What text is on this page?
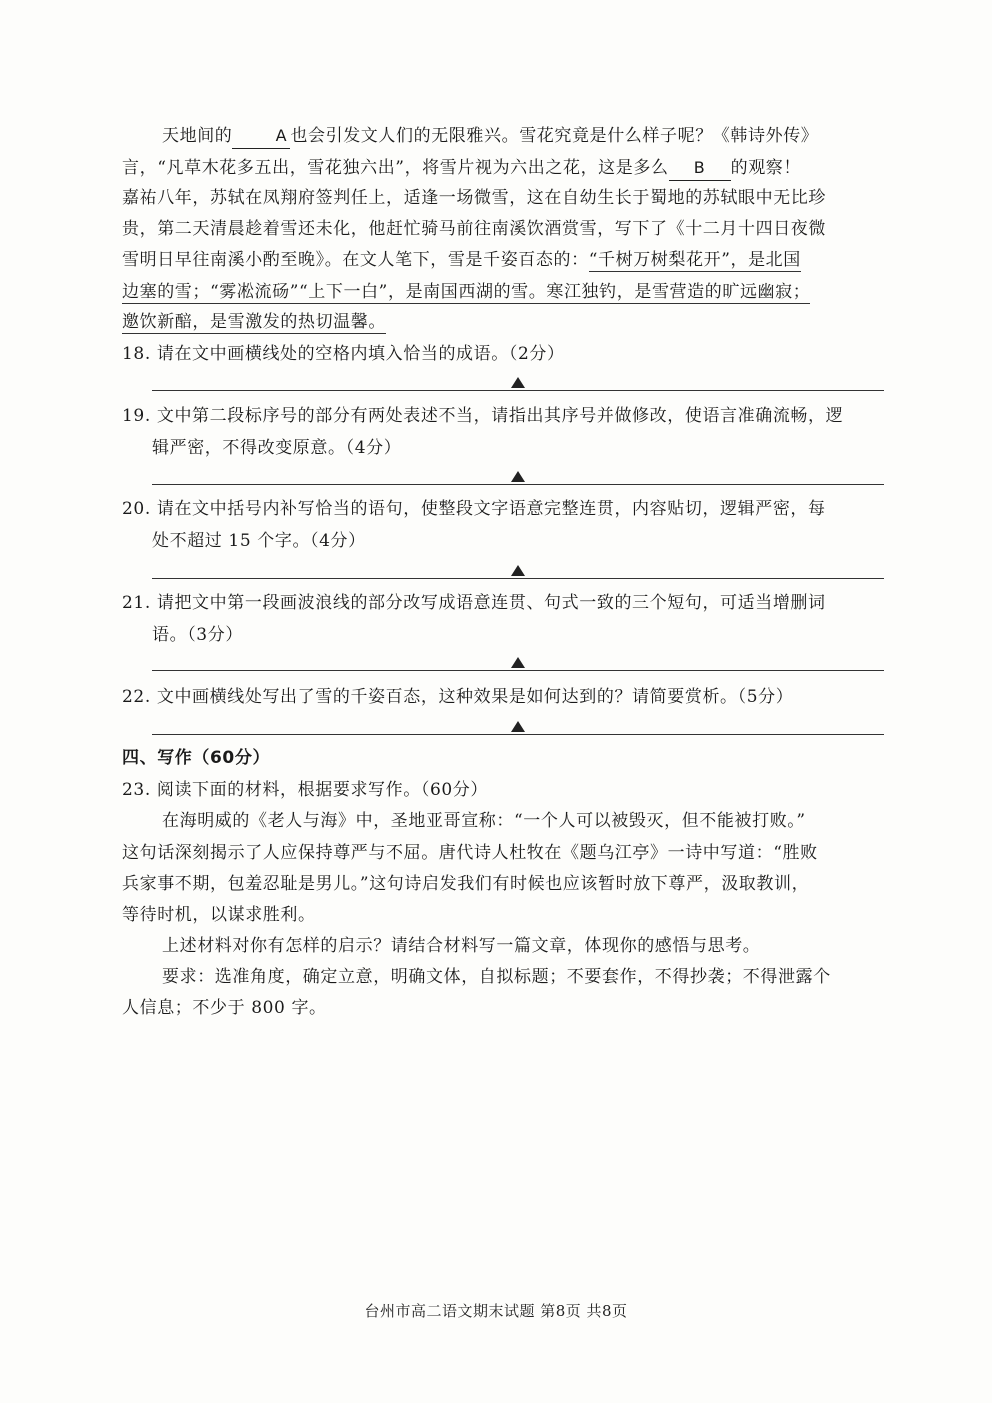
天地间的	A 也会引发文人们的无限雅兴。雪花究竟是什么样子呢？《韩诗外传》
言，“凡草木花多五出，雪花独六出”，将雪片视为六出之花，这是多么 B 的观察！
嘉祐八年，苏轼在凤翔府签判任上，适逢一场微雪，这在自幼生长于蜀地的苏轼眼中无比珍
贵，第二天清晨趁着雪还未化，他赶忙骑马前往南溪饮酒赏雪，写下了《十二月十四日夜微
雪明日早往南溪小酌至晚》。在文人笔下，雪是千姿百态的：“千树万树梨花开”，是北国
边塞的雪；“雾凇流砀”“上下一白”，是南国西湖的雪。寒江独钓，是雪营造的旷远幽寂；
邀饮新醅，是雪激发的热切温馨。
18. 请在文中画横线处的空格内填入恰当的成语。（2分）
19. 文中第二段标序号的部分有两处表述不当，请指出其序号并做修改，使语言准确流畅，逻
辑严密，不得改变原意。（4分）
20. 请在文中括号内补写恰当的语句，使整段文字语意完整连贯，内容贴切，逻辑严密，每
处不超过 15 个字。（4分）
21. 请把文中第一段画波浪线的部分改写成语意连贯、句式一致的三个短句，可适当增删词
语。（3分）
22. 文中画横线处写出了雪的千姿百态，这种效果是如何达到的？请简要赏析。（5分）
四、写作（60分）
23. 阅读下面的材料，根据要求写作。（60分）
在海明威的《老人与海》中，圣地亚哥宣称：“一个人可以被毁灭，但不能被打败。”
这句话深刻揭示了人应保持尊严与不屈。唐代诗人杜牧在《题乌江亭》一诗中写道：“胜败
兵家事不期，包羞忍耻是男儿。”这句诗启发我们有时候也应该暂时放下尊严，汲取教训，
等待时机，以谋求胜利。
上述材料对你有怎样的启示？请结合材料写一篇文章，体现你的感悟与思考。
要求：选准角度，确定立意，明确文体，自拟标题；不要套作，不得抄袭；不得泄露个
人信息；不少于 800 字。
台州市高二语文期末试题 第8页 共8页
